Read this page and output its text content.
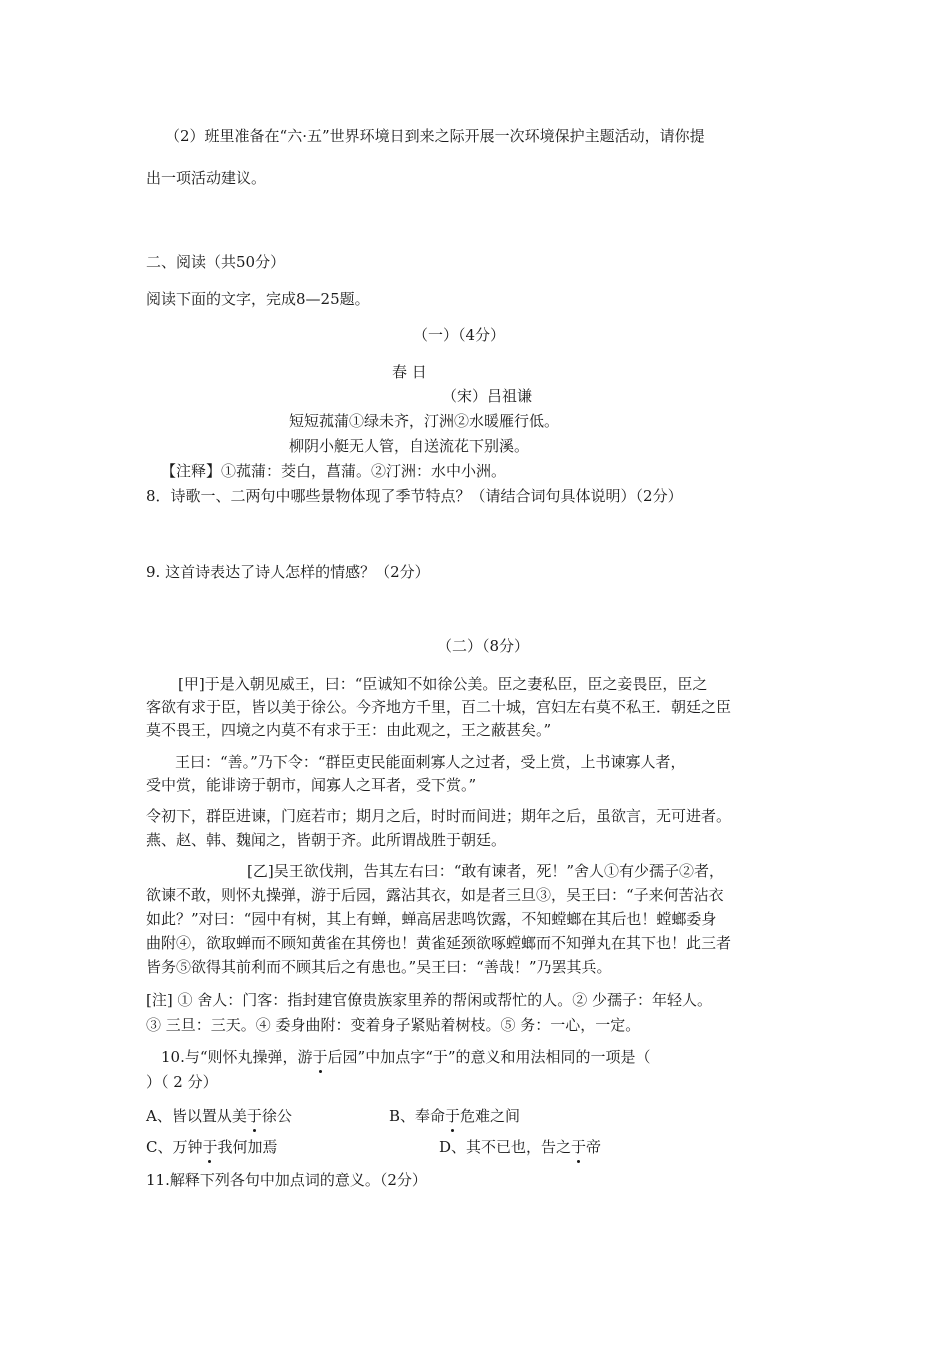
（2）班里准备在“六·五”世界环境日到来之际开展一次环境保护主题活动，请你提
出一项活动建议。
二、阅读（共50分）
阅读下面的文字，完成8—25题。
（一）（4分）
春 日
（宋）吕祖谦
短短菰蒲①绿未齐，汀洲②水暖雁行低。
柳阴小艇无人管，自送流花下别溪。
【注释】①菰蒲：茭白，菖蒲。②汀洲：水中小洲。
8．诗歌一、二两句中哪些景物体现了季节特点？（请结合词句具体说明）（2分）
9. 这首诗表达了诗人怎样的情感？（2分）
（二）（8分）
[甲]于是入朝见威王，曰：“臣诚知不如徐公美。臣之妻私臣，臣之妾畏臣，臣之
客欲有求于臣，皆以美于徐公。今齐地方千里，百二十城，宫妇左右莫不私王．朝廷之臣
莫不畏王，四境之内莫不有求于王：由此观之，王之蔽甚矣。”
王曰：“善。”乃下令：“群臣吏民能面刺寡人之过者，受上赏，上书谏寡人者，
受中赏，能诽谤于朝市，闻寡人之耳者，受下赏。”
令初下，群臣进谏，门庭若市；期月之后，时时而间进；期年之后，虽欲言，无可进者。
燕、赵、韩、魏闻之，皆朝于齐。此所谓战胜于朝廷。
[乙]吴王欲伐荆，告其左右曰：“敢有谏者，死！”舍人①有少孺子②者，
欲谏不敢，则怀丸操弹，游于后园，露沾其衣，如是者三旦③，吴王曰：“子来何苦沾衣
如此？”对曰：“园中有树，其上有蝉，蝉高居悲鸣饮露，不知螳螂在其后也！螳螂委身
曲附④，欲取蝉而不顾知黄雀在其傍也！黄雀延颈欲啄螳螂而不知弹丸在其下也！此三者
皆务⑤欲得其前利而不顾其后之有患也。”吴王曰：“善哉！”乃罢其兵。
[注] ① 舍人：门客：指封建官僚贵族家里养的帮闲或帮忙的人。② 少孺子：年轻人。
③ 三旦：三天。④ 委身曲附：变着身子紧贴着树枝。⑤ 务：一心，一定。
10.与“则怀丸操弹，游于后园”中加点字“于”的意义和用法相同的一项是（
）（ 2 分）
A、皆以置从美于徐公	B、奉命于危难之间
C、万钟于我何加焉	D、其不已也，告之于帝
11.解释下列各句中加点词的意义。（2分）
